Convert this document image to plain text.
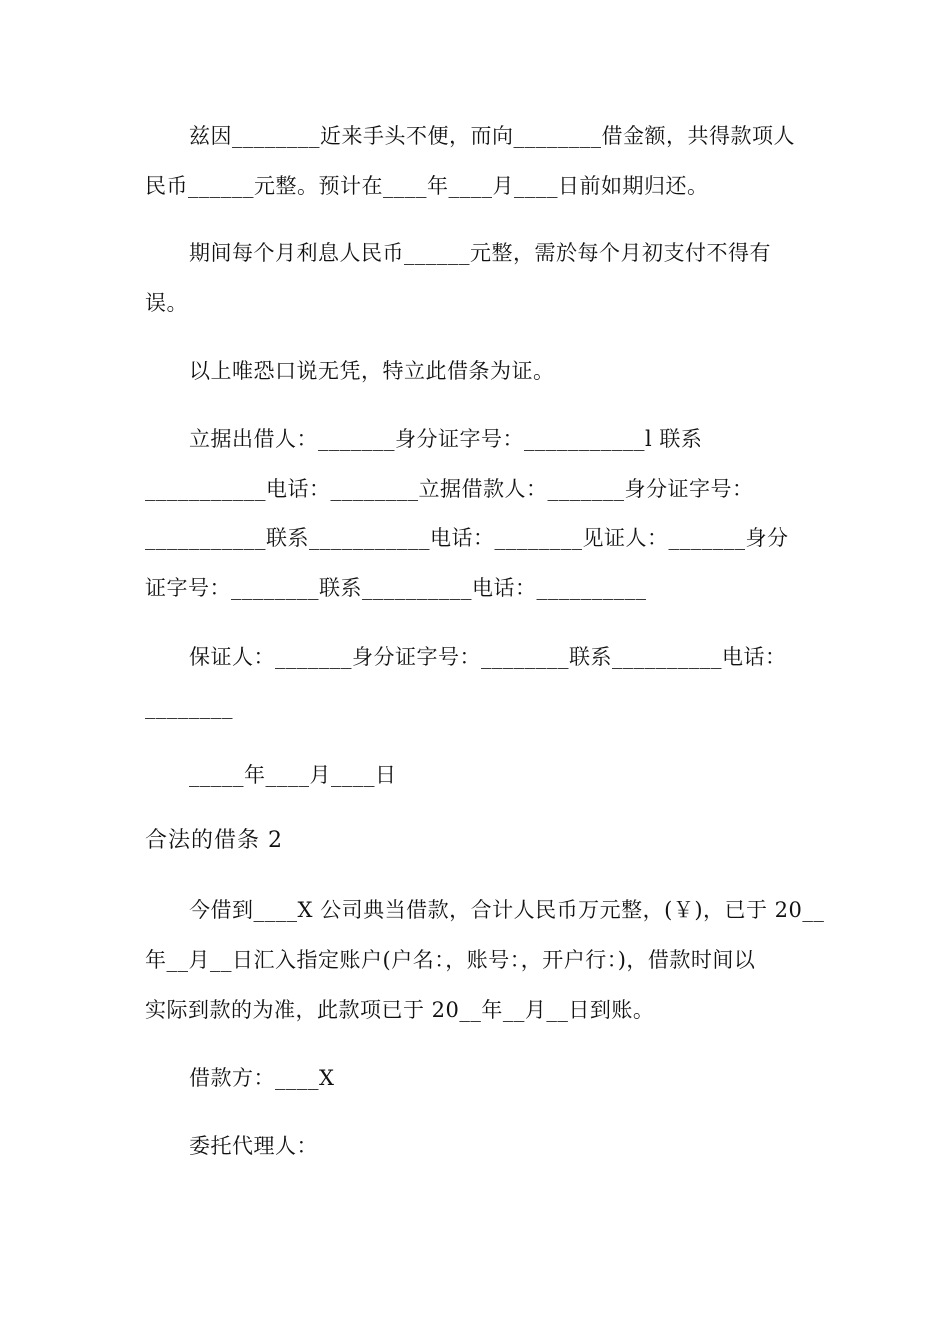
兹因________近来手头不便，而向________借金额，共得款项人
民币______元整。预计在____年____月____日前如期归还。
期间每个月利息人民币______元整，需於每个月初支付不得有
误。
以上唯恐口说无凭，特立此借条为证。
立据出借人：_______身分证字号：___________l 联系
___________电话：________立据借款人：_______身分证字号：
___________联系___________电话：________见证人：_______身分
证字号：________联系__________电话：__________
保证人：_______身分证字号：________联系__________电话：
________
_____年____月____日
合法的借条 2
今借到____X 公司典当借款，合计人民币万元整，(￥)，已于 20__
年__月__日汇入指定账户(户名：，账号：，开户行：)，借款时间以
实际到款的为准，此款项已于 20__年__月__日到账。
借款方：____X
委托代理人：
